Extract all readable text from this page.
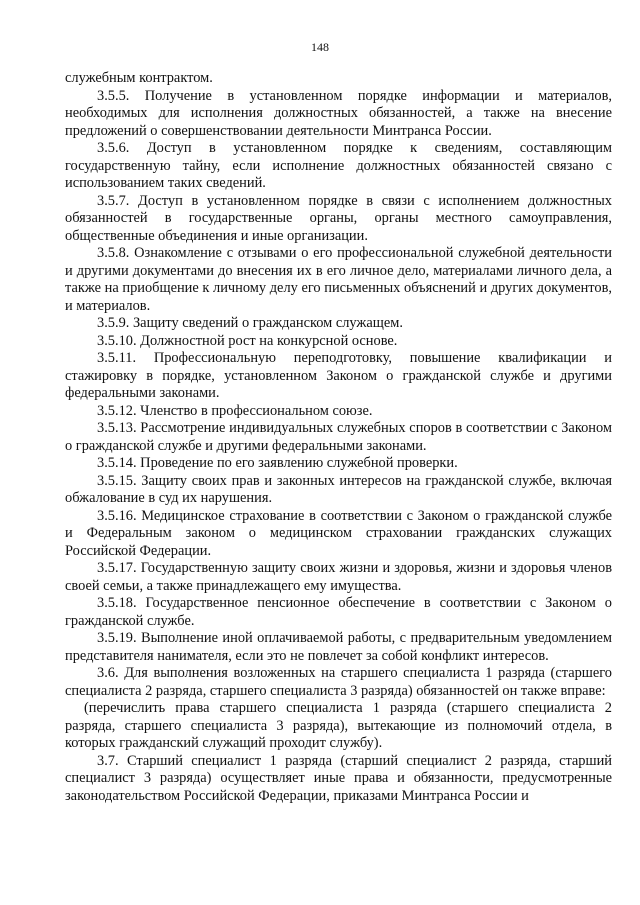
148

служебным контрактом.

3.5.5. Получение в установленном порядке информации и материалов, необходимых для исполнения должностных обязанностей, а также на внесение предложений о совершенствовании деятельности Минтранса России.

3.5.6. Доступ в установленном порядке к сведениям, составляющим государственную тайну, если исполнение должностных обязанностей связано с использованием таких сведений.

3.5.7. Доступ в установленном порядке в связи с исполнением должностных обязанностей в государственные органы, органы местного самоуправления, общественные объединения и иные организации.

3.5.8. Ознакомление с отзывами о его профессиональной служебной деятельности и другими документами до внесения их в его личное дело, материалами личного дела, а также на приобщение к личному делу его письменных объяснений и других документов, и материалов.

3.5.9. Защиту сведений о гражданском служащем.

3.5.10. Должностной рост на конкурсной основе.

3.5.11. Профессиональную переподготовку, повышение квалификации и стажировку в порядке, установленном Законом о гражданской службе и другими федеральными законами.

3.5.12. Членство в профессиональном союзе.

3.5.13. Рассмотрение индивидуальных служебных споров в соответствии с Законом о гражданской службе и другими федеральными законами.

3.5.14. Проведение по его заявлению служебной проверки.

3.5.15. Защиту своих прав и законных интересов на гражданской службе, включая обжалование в суд их нарушения.

3.5.16. Медицинское страхование в соответствии с Законом о гражданской службе и Федеральным законом о медицинском страховании гражданских служащих Российской Федерации.

3.5.17. Государственную защиту своих жизни и здоровья, жизни и здоровья членов своей семьи, а также принадлежащего ему имущества.

3.5.18. Государственное пенсионное обеспечение в соответствии с Законом о гражданской службе.

3.5.19. Выполнение иной оплачиваемой работы, с предварительным уведомлением представителя нанимателя, если это не повлечет за собой конфликт интересов.

3.6. Для выполнения возложенных на старшего специалиста 1 разряда (старшего специалиста 2 разряда, старшего специалиста 3 разряда) обязанностей он также вправе:

(перечислить права старшего специалиста 1 разряда (старшего специалиста 2 разряда, старшего специалиста 3 разряда), вытекающие из полномочий отдела, в которых гражданский служащий проходит службу).

3.7. Старший специалист 1 разряда (старший специалист 2 разряда, старший специалист 3 разряда) осуществляет иные права и обязанности, предусмотренные законодательством Российской Федерации, приказами Минтранса России и
